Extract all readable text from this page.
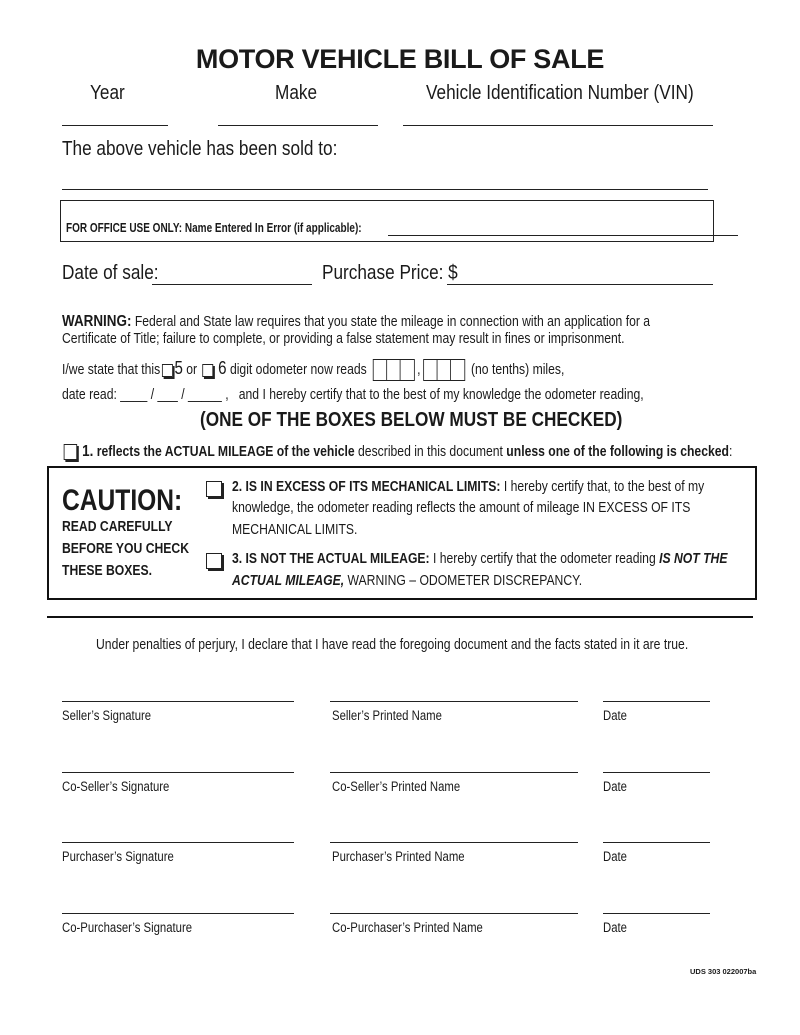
MOTOR VEHICLE BILL OF SALE
Year	Make	Vehicle Identification Number (VIN)
The above vehicle has been sold to:
FOR OFFICE USE ONLY: Name Entered In Error (if applicable):
Date of sale:	Purchase Price: $
WARNING: Federal and State law requires that you state the mileage in connection with an application for a
Certificate of Title; failure to complete, or providing a false statement may result in fines or imprisonment.
I/we state that this 5 or 6 digit odometer now reads	,	(no tenths) miles,
date read: ____ / ___ / _____ , and I hereby certify that to the best of my knowledge the odometer reading,
(ONE OF THE BOXES BELOW MUST BE CHECKED)
1. reflects the ACTUAL MILEAGE of the vehicle described in this document unless one of the following is checked:
CAUTION:
READ CAREFULLY
BEFORE YOU CHECK
THESE BOXES.
2. IS IN EXCESS OF ITS MECHANICAL LIMITS: I hereby certify that, to the best of my
knowledge, the odometer reading reflects the amount of mileage IN EXCESS OF ITS
MECHANICAL LIMITS.
3. IS NOT THE ACTUAL MILEAGE: I hereby certify that the odometer reading IS NOT THE
ACTUAL MILEAGE, WARNING – ODOMETER DISCREPANCY.
Under penalties of perjury, I declare that I have read the foregoing document and the facts stated in it are true.
Seller’s Signature	Seller’s Printed Name	Date
Co-Seller’s Signature	Co-Seller’s Printed Name	Date
Purchaser’s Signature	Purchaser’s Printed Name	Date
Co-Purchaser’s Signature	Co-Purchaser’s Printed Name	Date
UDS 303 022007ba
